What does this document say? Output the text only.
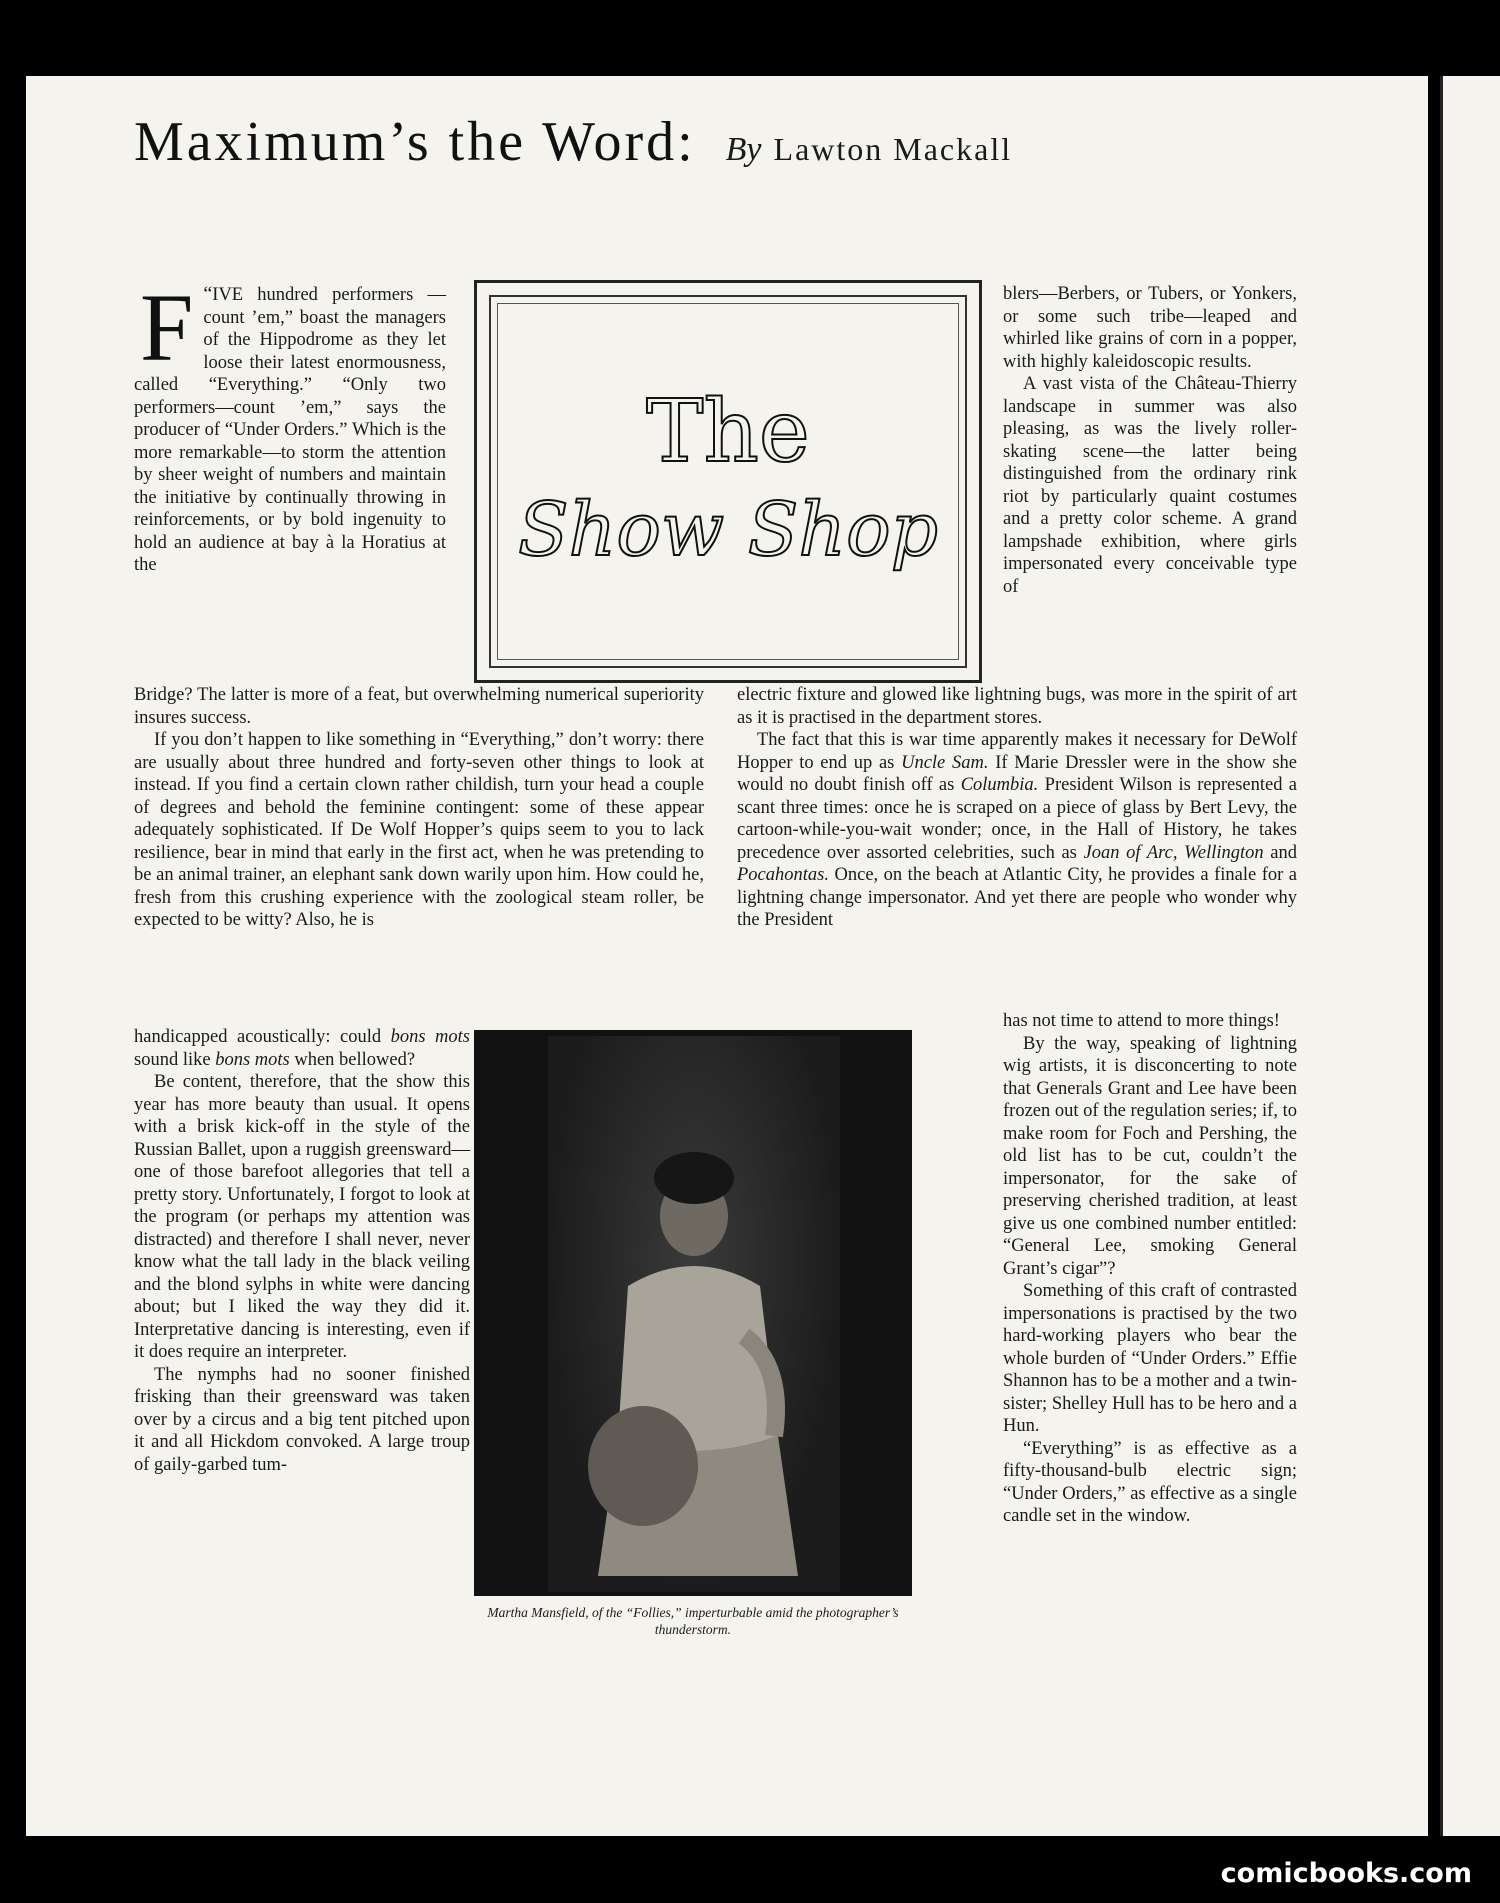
Maximum’s the Word: By Lawton Mackall

“
F IVE hundred performers — count ’em,” boast the managers of the Hippodrome as they let loose their latest enormousness, called “Everything.” “Only two performers—count ’em,” says the producer of “Under Orders.” Which is the more remarkable—to storm the attention by sheer weight of numbers and maintain the initiative by continually throwing in reinforcements, or by bold ingenuity to hold an audience at bay à la Horatius at the

The
Show Shop

blers—Berbers, or Tubers, or Yonkers, or some such tribe—leaped and whirled like grains of corn in a popper, with highly kaleidoscopic results.

A vast vista of the Château-Thierry landscape in summer was also pleasing, as was the lively roller-skating scene—the latter being distinguished from the ordinary rink riot by particularly quaint costumes and a pretty color scheme. A grand lampshade exhibition, where girls impersonated every conceivable type of

Bridge? The latter is more of a feat, but overwhelming numerical superiority insures success.

If you don’t happen to like something in “Everything,” don’t worry: there are usually about three hundred and forty-seven other things to look at instead. If you find a certain clown rather childish, turn your head a couple of degrees and behold the feminine contingent: some of these appear adequately sophisticated. If De Wolf Hopper’s quips seem to you to lack resilience, bear in mind that early in the first act, when he was pretending to be an animal trainer, an elephant sank down warily upon him. How could he, fresh from this crushing experience with the zoological steam roller, be expected to be witty? Also, he is

electric fixture and glowed like lightning bugs, was more in the spirit of art as it is practised in the department stores.

The fact that this is war time apparently makes it necessary for DeWolf Hopper to end up as Uncle Sam. If Marie Dressler were in the show she would no doubt finish off as Columbia. President Wilson is represented a scant three times: once he is scraped on a piece of glass by Bert Levy, the cartoon-while-you-wait wonder; once, in the Hall of History, he takes precedence over assorted celebrities, such as Joan of Arc, Wellington and Pocahontas. Once, on the beach at Atlantic City, he provides a finale for a lightning change impersonator. And yet there are people who wonder why the President

handicapped acoustically: could bons mots sound like bons mots when bellowed?

Be content, therefore, that the show this year has more beauty than usual. It opens with a brisk kick-off in the style of the Russian Ballet, upon a ruggish greensward—one of those barefoot allegories that tell a pretty story. Unfortunately, I forgot to look at the program (or perhaps my attention was distracted) and therefore I shall never, never know what the tall lady in the black veiling and the blond sylphs in white were dancing about; but I liked the way they did it. Interpretative dancing is interesting, even if it does require an interpreter.

The nymphs had no sooner finished frisking than their greensward was taken over by a circus and a big tent pitched upon it and all Hickdom convoked. A large troup of gaily-garbed tum-

Martha Mansfield, of the “Follies,” imperturbable amid the photographer’s thunderstorm.

has not time to attend to more things!

By the way, speaking of lightning wig artists, it is disconcerting to note that Generals Grant and Lee have been frozen out of the regulation series; if, to make room for Foch and Pershing, the old list has to be cut, couldn’t the impersonator, for the sake of preserving cherished tradition, at least give us one combined number entitled: “General Lee, smoking General Grant’s cigar”?

Something of this craft of contrasted impersonations is practised by the two hard-working players who bear the whole burden of “Under Orders.” Effie Shannon has to be a mother and a twin-sister; Shelley Hull has to be hero and a Hun.

“Everything” is as effective as a fifty-thousand-bulb electric sign; “Under Orders,” as effective as a single candle set in the window.

comicbooks.com
